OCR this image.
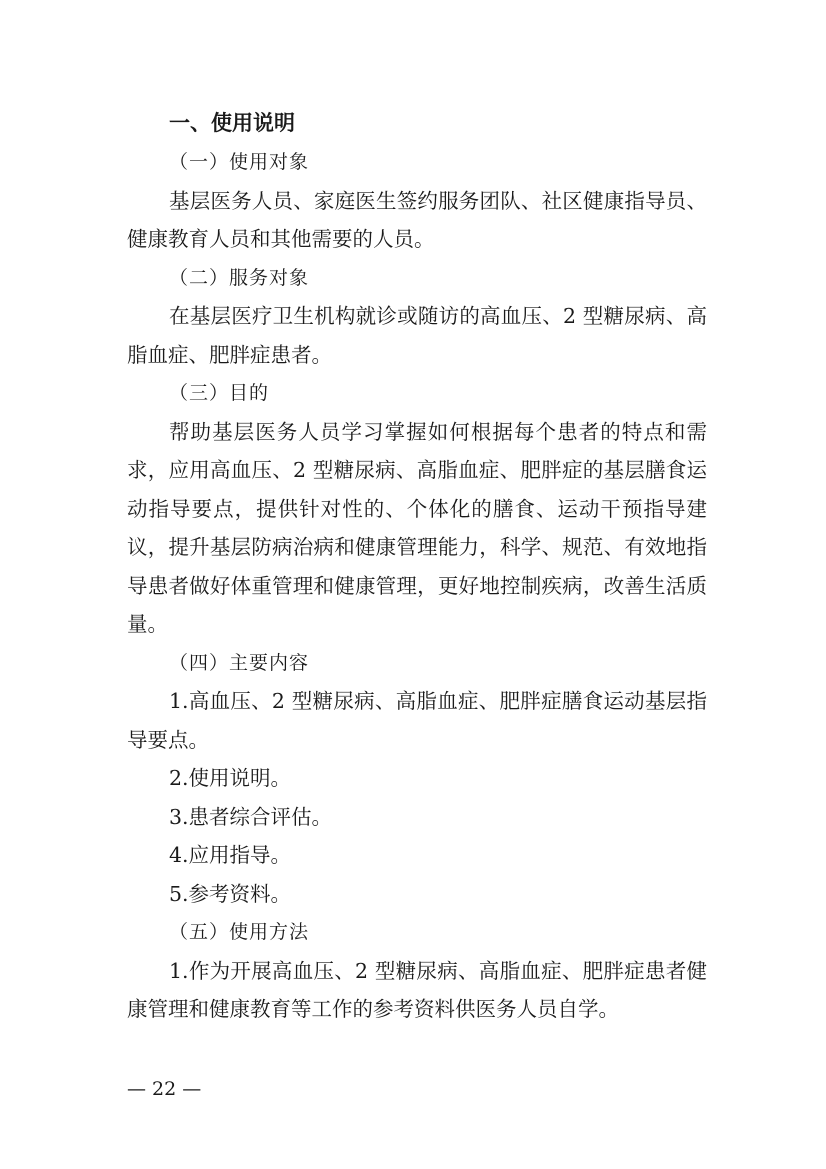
一、使用说明
（一）使用对象

基层医务人员、家庭医生签约服务团队、社区健康指导员、健康教育人员和其他需要的人员。

（二）服务对象

在基层医疗卫生机构就诊或随访的高血压、2 型糖尿病、高脂血症、肥胖症患者。

（三）目的

帮助基层医务人员学习掌握如何根据每个患者的特点和需求，应用高血压、2 型糖尿病、高脂血症、肥胖症的基层膳食运动指导要点，提供针对性的、个体化的膳食、运动干预指导建议，提升基层防病治病和健康管理能力，科学、规范、有效地指导患者做好体重管理和健康管理，更好地控制疾病，改善生活质量。

（四）主要内容

1.高血压、2 型糖尿病、高脂血症、肥胖症膳食运动基层指导要点。

2.使用说明。
3.患者综合评估。
4.应用指导。
5.参考资料。
（五）使用方法

1.作为开展高血压、2 型糖尿病、高脂血症、肥胖症患者健康管理和健康教育等工作的参考资料供医务人员自学。

— 22 —
